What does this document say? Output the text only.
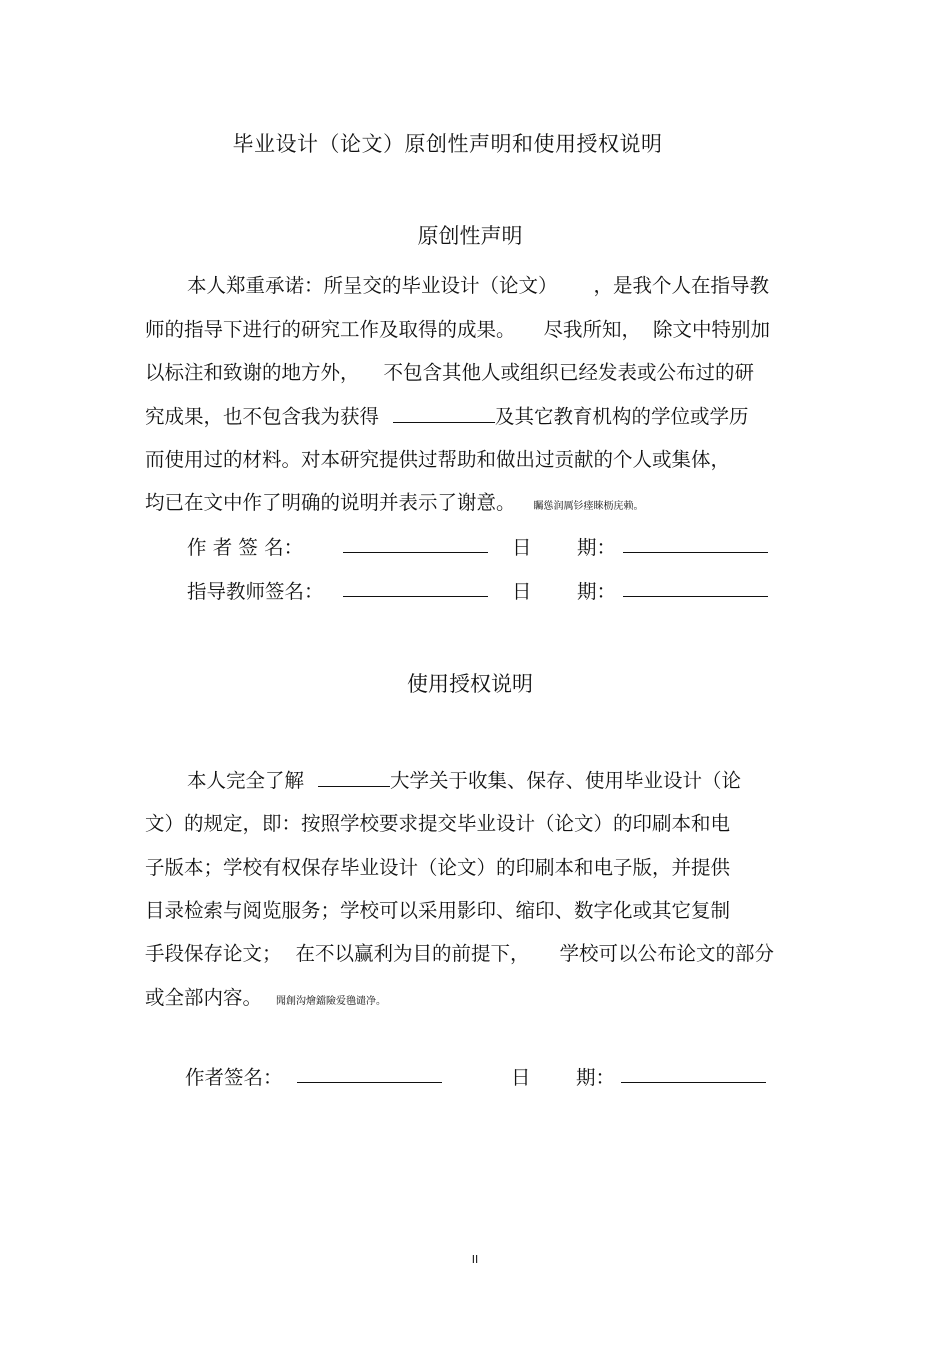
毕业设计（论文）原创性声明和使用授权说明
原创性声明
本人郑重承诺：所呈交的毕业设计（论文） ，是我个人在指导教
师的指导下进行的研究工作及取得的成果。 尽我所知， 除文中特别加
以标注和致谢的地方外， 不包含其他人或组织已经发表或公布过的研
究成果，也不包含我为获得	及其它教育机构的学位或学历
而使用过的材料。对本研究提供过帮助和做出过贡献的个人或集体，
均已在文中作了明确的说明并表示了谢意。 矚慫润厲钐瘗睞枥庑赖。
作 者 签 名：	日 期：
指导教师签名：	日 期：
使用授权说明
本人完全了解	大学关于收集、保存、使用毕业设计（论
文）的规定，即：按照学校要求提交毕业设计（论文）的印刷本和电
子版本；学校有权保存毕业设计（论文）的印刷本和电子版，并提供
目录检索与阅览服务；学校可以采用影印、缩印、数字化或其它复制
手段保存论文； 在不以赢利为目的前提下， 学校可以公布论文的部分
或全部内容。 聞創沟燴鐺險爱氇谴净。
作者签名：	日 期：
II
